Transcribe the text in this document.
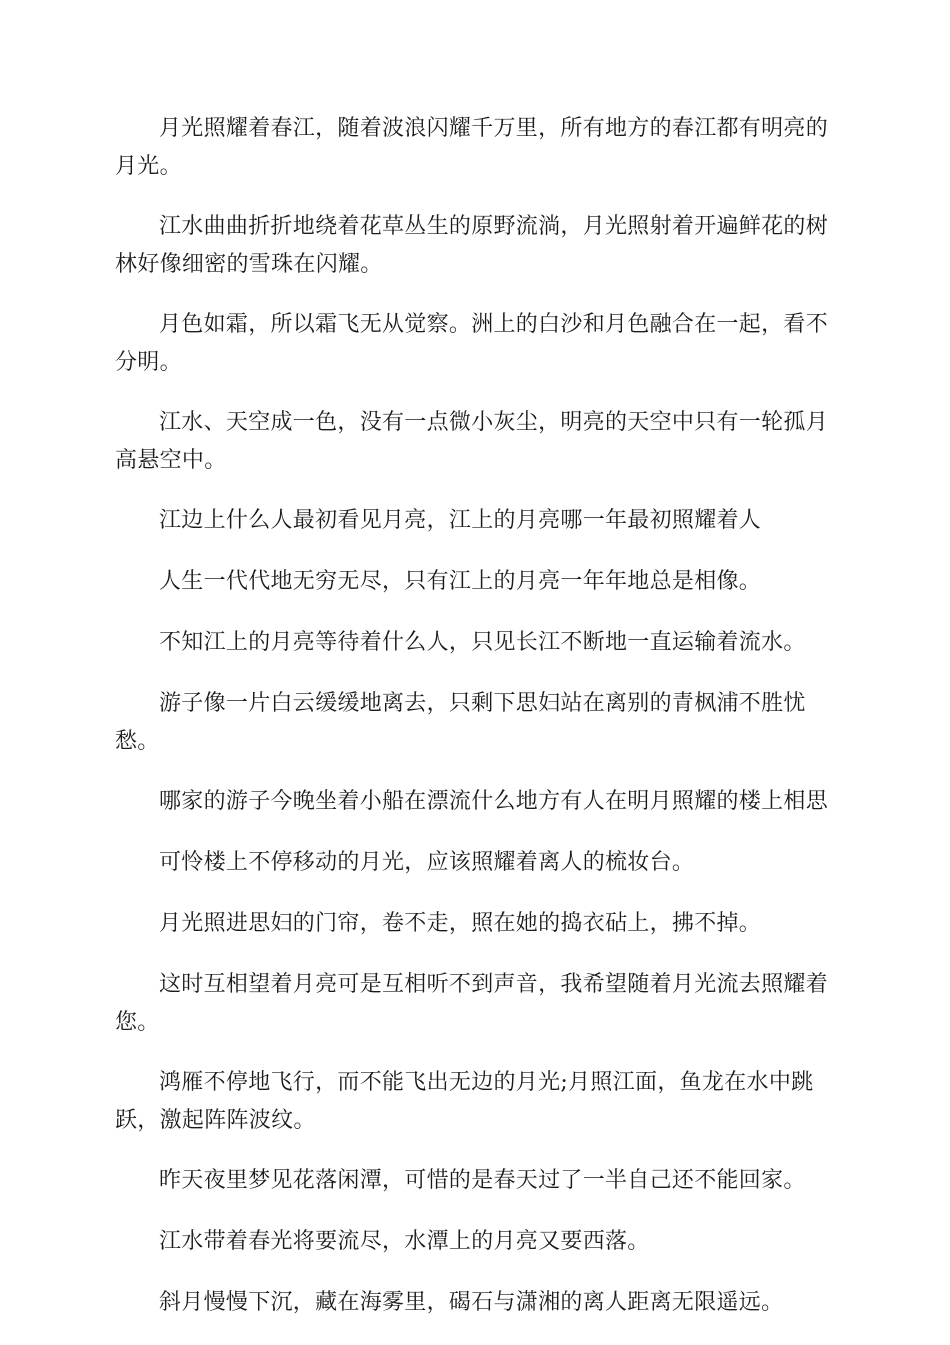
月光照耀着春江，随着波浪闪耀千万里，所有地方的春江都有明亮的月光。

江水曲曲折折地绕着花草丛生的原野流淌，月光照射着开遍鲜花的树林好像细密的雪珠在闪耀。

月色如霜，所以霜飞无从觉察。洲上的白沙和月色融合在一起，看不分明。

江水、天空成一色，没有一点微小灰尘，明亮的天空中只有一轮孤月高悬空中。

江边上什么人最初看见月亮，江上的月亮哪一年最初照耀着人

人生一代代地无穷无尽，只有江上的月亮一年年地总是相像。

不知江上的月亮等待着什么人，只见长江不断地一直运输着流水。

游子像一片白云缓缓地离去，只剩下思妇站在离别的青枫浦不胜忧愁。

哪家的游子今晚坐着小船在漂流什么地方有人在明月照耀的楼上相思

可怜楼上不停移动的月光，应该照耀着离人的梳妆台。

月光照进思妇的门帘，卷不走，照在她的捣衣砧上，拂不掉。

这时互相望着月亮可是互相听不到声音，我希望随着月光流去照耀着您。

鸿雁不停地飞行，而不能飞出无边的月光;月照江面，鱼龙在水中跳跃，激起阵阵波纹。

昨天夜里梦见花落闲潭，可惜的是春天过了一半自己还不能回家。

江水带着春光将要流尽，水潭上的月亮又要西落。

斜月慢慢下沉，藏在海雾里，碣石与潇湘的离人距离无限遥远。
